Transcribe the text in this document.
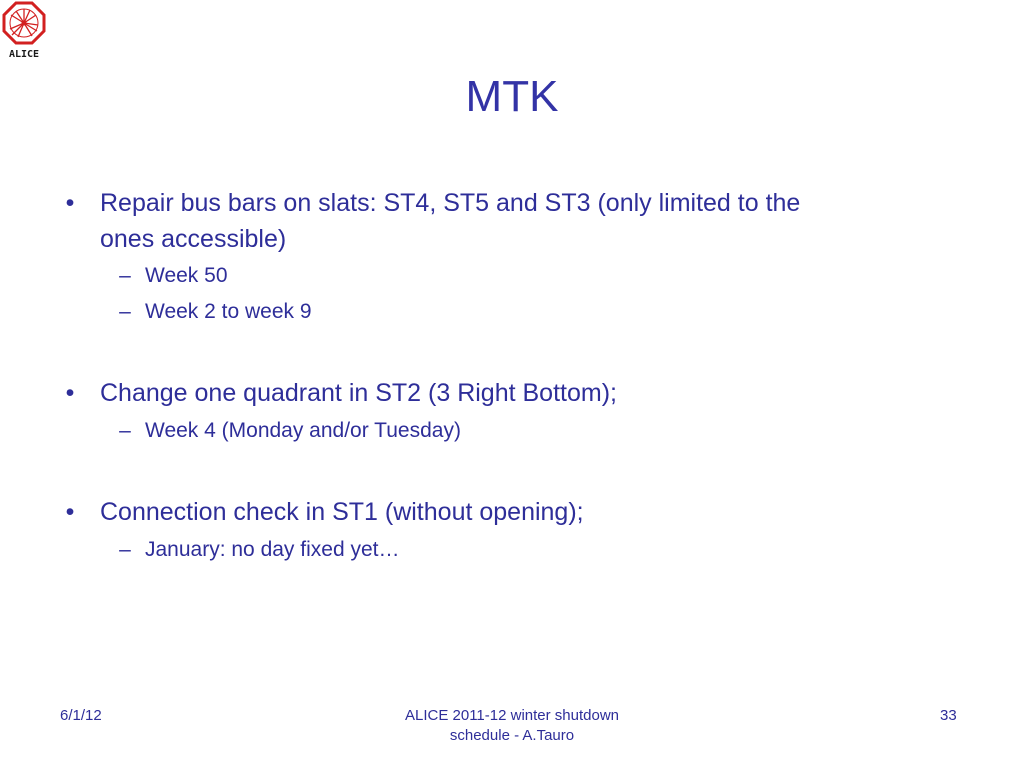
ALICE
MTK
• Repair bus bars on slats: ST4, ST5 and ST3 (only limited to the
ones accessible)
– Week 50
– Week 2 to week 9
• Change one quadrant in ST2 (3 Right Bottom);
– Week 4 (Monday and/or Tuesday)
• Connection check in ST1 (without opening);
– January: no day fixed yet…
6/1/12	ALICE 2011-12 winter shutdown
schedule - A.Tauro
33
